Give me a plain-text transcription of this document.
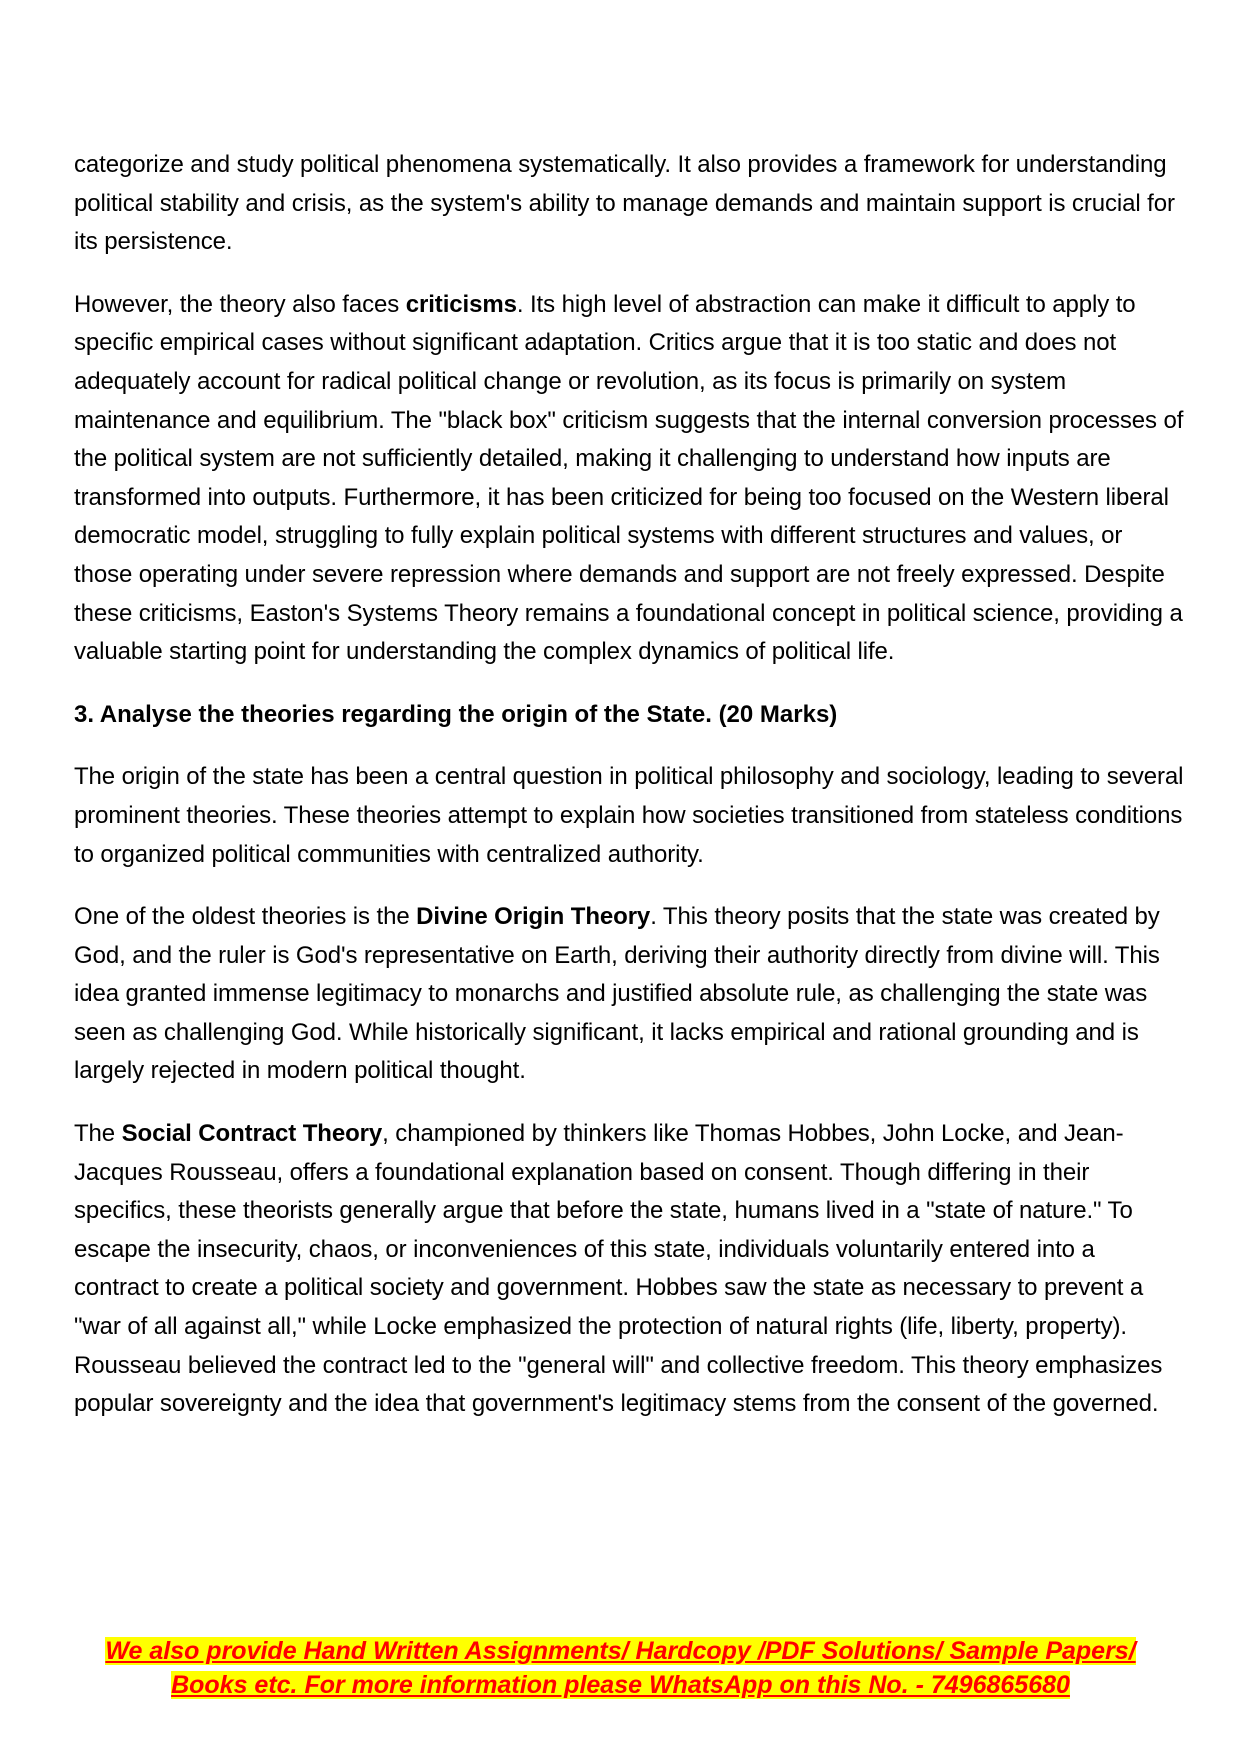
categorize and study political phenomena systematically. It also provides a framework for understanding political stability and crisis, as the system's ability to manage demands and maintain support is crucial for its persistence.

However, the theory also faces criticisms. Its high level of abstraction can make it difficult to apply to specific empirical cases without significant adaptation. Critics argue that it is too static and does not adequately account for radical political change or revolution, as its focus is primarily on system maintenance and equilibrium. The "black box" criticism suggests that the internal conversion processes of the political system are not sufficiently detailed, making it challenging to understand how inputs are transformed into outputs. Furthermore, it has been criticized for being too focused on the Western liberal democratic model, struggling to fully explain political systems with different structures and values, or those operating under severe repression where demands and support are not freely expressed. Despite these criticisms, Easton's Systems Theory remains a foundational concept in political science, providing a valuable starting point for understanding the complex dynamics of political life.

3. Analyse the theories regarding the origin of the State. (20 Marks)

The origin of the state has been a central question in political philosophy and sociology, leading to several prominent theories. These theories attempt to explain how societies transitioned from stateless conditions to organized political communities with centralized authority.

One of the oldest theories is the Divine Origin Theory. This theory posits that the state was created by God, and the ruler is God's representative on Earth, deriving their authority directly from divine will. This idea granted immense legitimacy to monarchs and justified absolute rule, as challenging the state was seen as challenging God. While historically significant, it lacks empirical and rational grounding and is largely rejected in modern political thought.

The Social Contract Theory, championed by thinkers like Thomas Hobbes, John Locke, and Jean-Jacques Rousseau, offers a foundational explanation based on consent. Though differing in their specifics, these theorists generally argue that before the state, humans lived in a "state of nature." To escape the insecurity, chaos, or inconveniences of this state, individuals voluntarily entered into a contract to create a political society and government. Hobbes saw the state as necessary to prevent a "war of all against all," while Locke emphasized the protection of natural rights (life, liberty, property). Rousseau believed the contract led to the "general will" and collective freedom. This theory emphasizes popular sovereignty and the idea that government's legitimacy stems from the consent of the governed.

We also provide Hand Written Assignments/ Hardcopy /PDF Solutions/ Sample Papers/
Books etc. For more information please WhatsApp on this No. - 7496865680
